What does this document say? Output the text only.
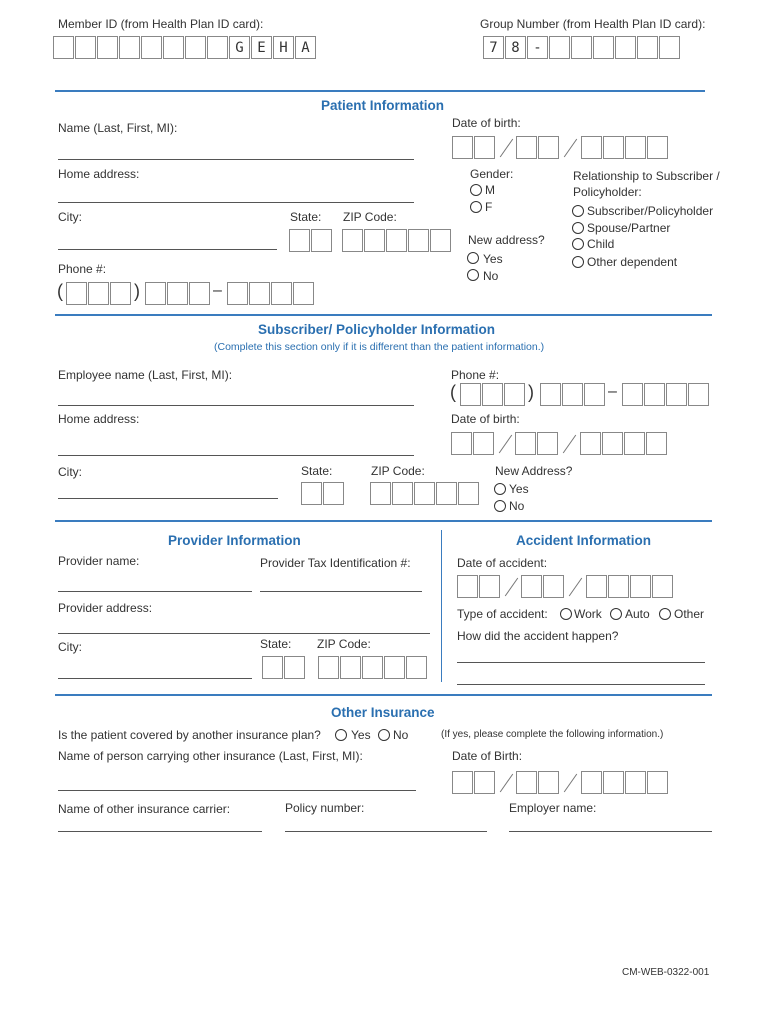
Member ID (from Health Plan ID card):	Group Number (from Health Plan ID card):
G E H A	7 8 -
Patient Information
Name (Last, First, MI):	Date of birth:
Home address:	Gender:
M
F
Relationship to Subscriber /
Policyholder:
Subscriber/Policyholder
Spouse/Partner
Child
Other dependent
City:	State: ZIP Code:
New address?
Yes
No
Phone #:
(	)	–
Subscriber/ Policyholder Information
(Complete this section only if it is different than the patient information.)
Employee name (Last, First, MI):	Phone #:
(	)	–
Home address:	Date of birth:
City:	State:	ZIP Code:	New Address?
Yes
No
Provider Information
Provider name:	Provider Tax Identification #:
Provider address:
City:	State: ZIP Code:
Accident Information
Date of accident:
Type of accident: Work Auto Other
How did the accident happen?
Other Insurance
Is the patient covered by another insurance plan?	Yes No	(If yes, please complete the following information.)
Name of person carrying other insurance (Last, First, MI):	Date of Birth:
Name of other insurance carrier:	Policy number:	Employer name:
CM-WEB-0322-001
